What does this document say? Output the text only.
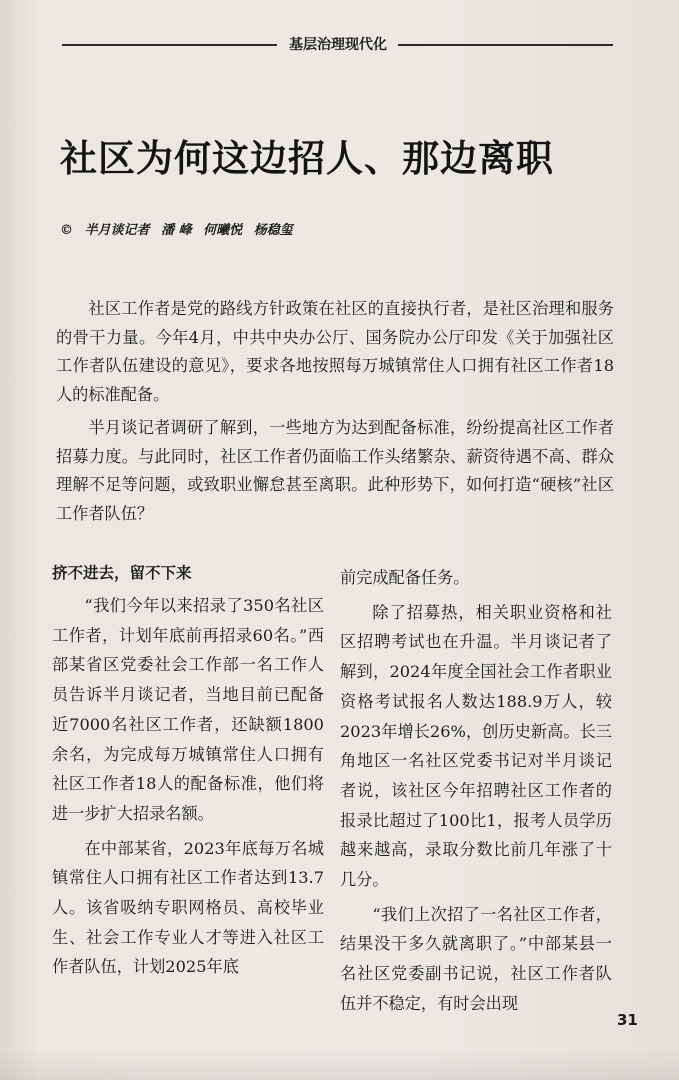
基层治理现代化
社区为何这边招人、那边离职
© 半月谈记者 潘 峰 何曦悦 杨稳玺

社区工作者是党的路线方针政策在社区的直接执行者，是社区治理和服务的骨干力量。今年4月，中共中央办公厅、国务院办公厅印发《关于加强社区工作者队伍建设的意见》，要求各地按照每万城镇常住人口拥有社区工作者18人的标准配备。

半月谈记者调研了解到，一些地方为达到配备标准，纷纷提高社区工作者招募力度。与此同时，社区工作者仍面临工作头绪繁杂、薪资待遇不高、群众理解不足等问题，或致职业懈怠甚至离职。此种形势下，如何打造“硬核”社区工作者队伍？

挤不进去，留不下来

“我们今年以来招录了350名社区工作者，计划年底前再招录60名。”西部某省区党委社会工作部一名工作人员告诉半月谈记者，当地目前已配备近7000名社区工作者，还缺额1800余名，为完成每万城镇常住人口拥有社区工作者18人的配备标准，他们将进一步扩大招录名额。

在中部某省，2023年底每万名城镇常住人口拥有社区工作者达到13.7人。该省吸纳专职网格员、高校毕业生、社会工作专业人才等进入社区工作者队伍，计划2025年底

前完成配备任务。

除了招募热，相关职业资格和社区招聘考试也在升温。半月谈记者了解到，2024年度全国社会工作者职业资格考试报名人数达188.9万人，较2023年增长26%，创历史新高。长三角地区一名社区党委书记对半月谈记者说，该社区今年招聘社区工作者的报录比超过了100比1，报考人员学历越来越高，录取分数比前几年涨了十几分。

“我们上次招了一名社区工作者，结果没干多久就离职了。”中部某县一名社区党委副书记说，社区工作者队伍并不稳定，有时会出现

31
